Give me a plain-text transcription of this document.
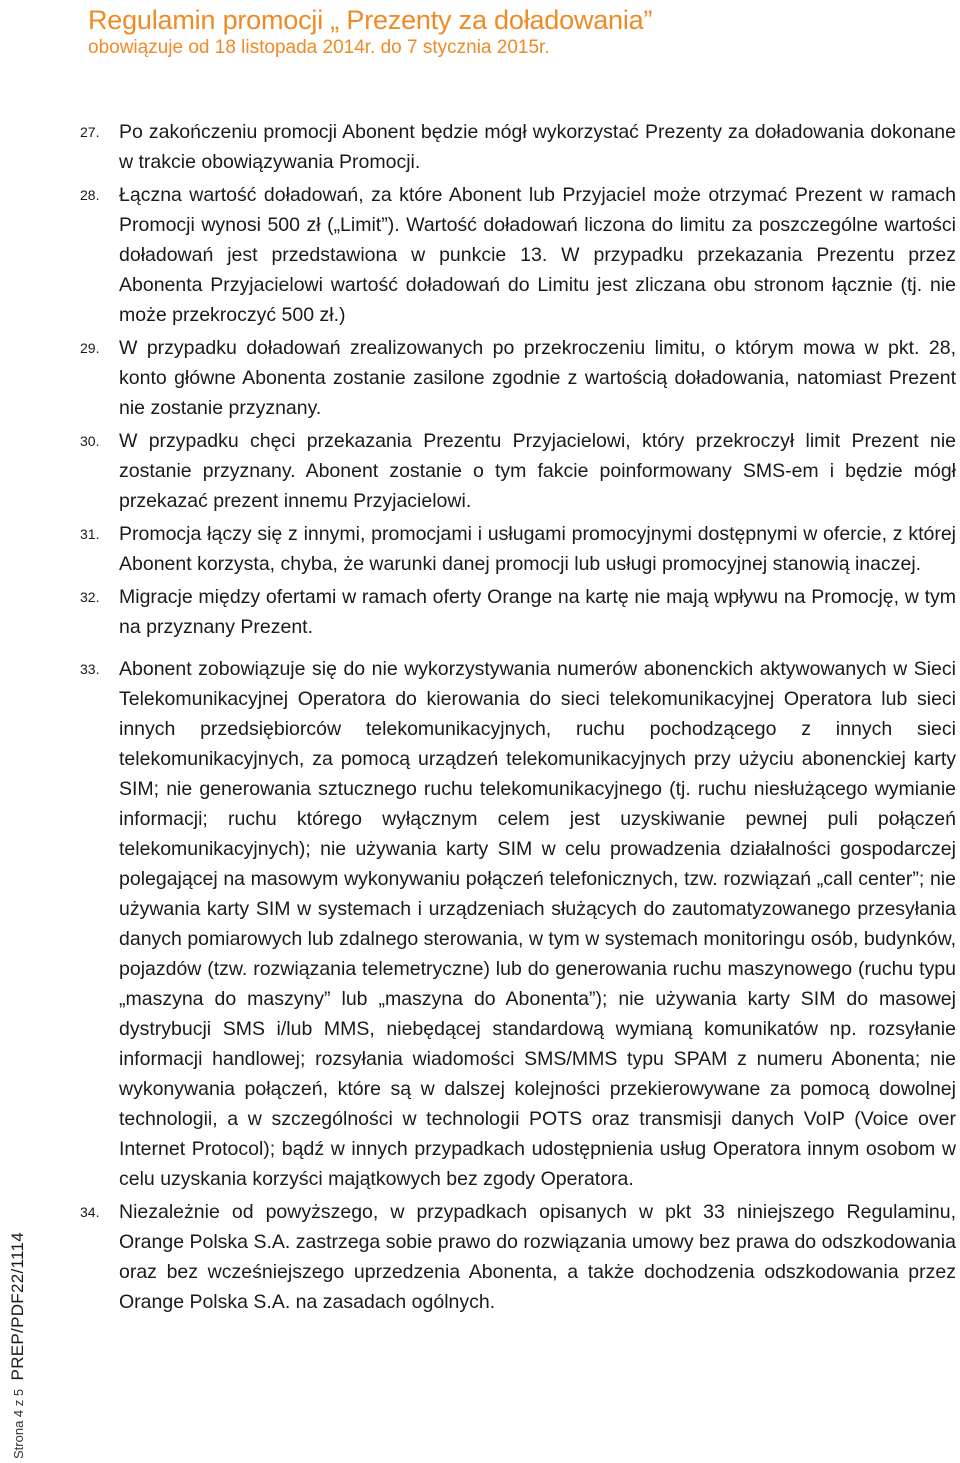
Regulamin promocji „ Prezenty za doładowania”

obowiązuje od 18 listopada 2014r. do 7 stycznia 2015r.

27. Po zakończeniu promocji Abonent będzie mógł wykorzystać Prezenty za doładowania dokonane w trakcie obowiązywania Promocji.
28. Łączna wartość doładowań, za które Abonent lub Przyjaciel może otrzymać Prezent w ramach Promocji wynosi 500 zł („Limit”). Wartość doładowań liczona do limitu za poszczególne wartości doładowań jest przedstawiona w punkcie 13. W przypadku przekazania Prezentu przez Abonenta Przyjacielowi wartość doładowań do Limitu jest zliczana obu stronom łącznie (tj. nie może przekroczyć 500 zł.)
29. W przypadku doładowań zrealizowanych po przekroczeniu limitu, o którym mowa w pkt. 28, konto główne Abonenta zostanie zasilone zgodnie z wartością doładowania, natomiast Prezent nie zostanie przyznany.
30. W przypadku chęci przekazania Prezentu Przyjacielowi, który przekroczył limit Prezent nie zostanie przyznany. Abonent zostanie o tym fakcie poinformowany SMS-em i będzie mógł przekazać prezent innemu Przyjacielowi.
31. Promocja łączy się z innymi, promocjami i usługami promocyjnymi dostępnymi w ofercie, z której Abonent korzysta, chyba, że warunki danej promocji lub usługi promocyjnej stanowią inaczej.
32. Migracje między ofertami w ramach oferty Orange na kartę nie mają wpływu na Promocję, w tym na przyznany Prezent.
33. Abonent zobowiązuje się do nie wykorzystywania numerów abonenckich aktywowanych w Sieci Telekomunikacyjnej Operatora do kierowania do sieci telekomunikacyjnej Operatora lub sieci innych przedsiębiorców telekomunikacyjnych, ruchu pochodzącego z innych sieci telekomunikacyjnych, za pomocą urządzeń telekomunikacyjnych przy użyciu abonenckiej karty SIM; nie generowania sztucznego ruchu telekomunikacyjnego (tj. ruchu niesłużącego wymianie informacji; ruchu którego wyłącznym celem jest uzyskiwanie pewnej puli połączeń telekomunikacyjnych); nie używania karty SIM w celu prowadzenia działalności gospodarczej polegającej na masowym wykonywaniu połączeń telefonicznych, tzw. rozwiązań „call center”; nie używania karty SIM w systemach i urządzeniach służących do zautomatyzowanego przesyłania danych pomiarowych lub zdalnego sterowania, w tym w systemach monitoringu osób, budynków, pojazdów (tzw. rozwiązania telemetryczne) lub do generowania ruchu maszynowego (ruchu typu „maszyna do maszyny” lub „maszyna do Abonenta”); nie używania karty SIM do masowej dystrybucji SMS i/lub MMS, niebędącej standardową wymianą komunikatów np. rozsyłanie informacji handlowej; rozsyłania wiadomości SMS/MMS typu SPAM z numeru Abonenta; nie wykonywania połączeń, które są w dalszej kolejności przekierowywane za pomocą dowolnej technologii, a w szczególności w technologii POTS oraz transmisji danych VoIP (Voice over Internet Protocol); bądź w innych przypadkach udostępnienia usług Operatora innym osobom w celu uzyskania korzyści majątkowych bez zgody Operatora.
34. Niezależnie od powyższego, w przypadkach opisanych w pkt 33 niniejszego Regulaminu, Orange Polska S.A. zastrzega sobie prawo do rozwiązania umowy bez prawa do odszkodowania oraz bez wcześniejszego uprzedzenia Abonenta, a także dochodzenia odszkodowania przez Orange Polska S.A. na zasadach ogólnych.
Strona 4 z 5 PREP/PDF22/1114
